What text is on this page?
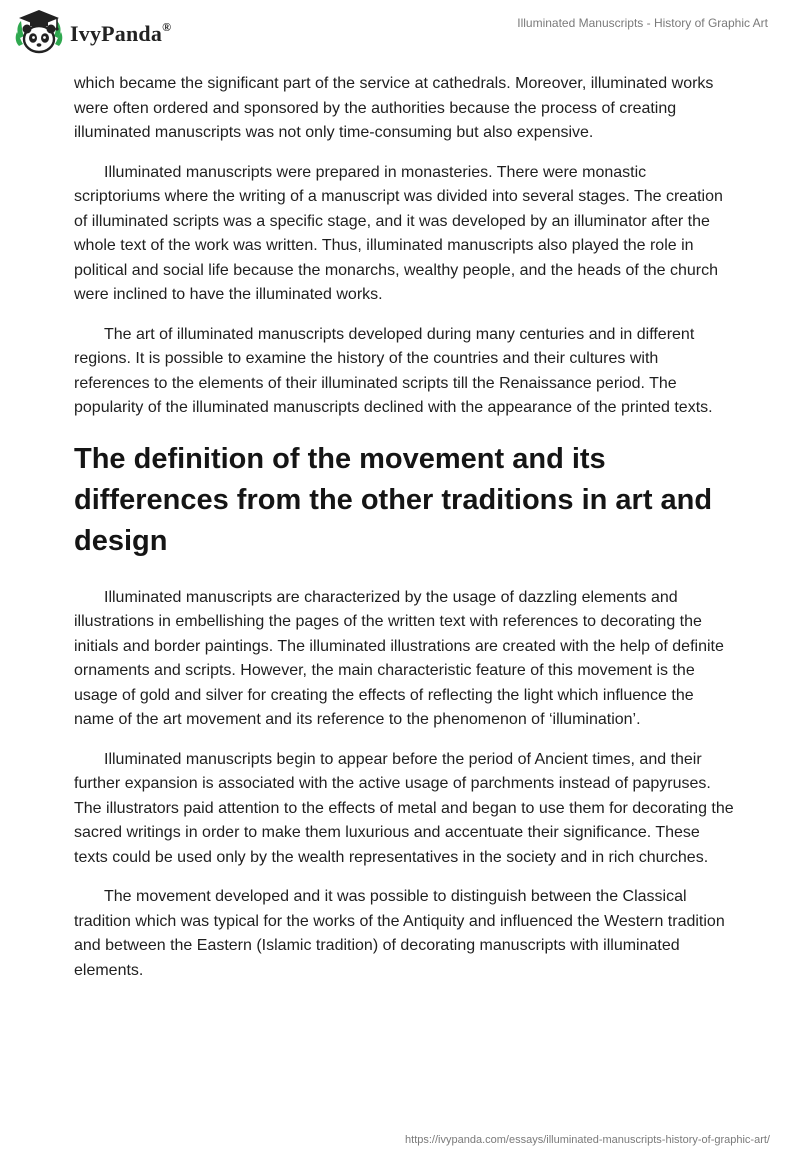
IvyPanda®	Illuminated Manuscripts - History of Graphic Art

which became the significant part of the service at cathedrals. Moreover, illuminated works were often ordered and sponsored by the authorities because the process of creating illuminated manuscripts was not only time-consuming but also expensive.

Illuminated manuscripts were prepared in monasteries. There were monastic scriptoriums where the writing of a manuscript was divided into several stages. The creation of illuminated scripts was a specific stage, and it was developed by an illuminator after the whole text of the work was written. Thus, illuminated manuscripts also played the role in political and social life because the monarchs, wealthy people, and the heads of the church were inclined to have the illuminated works.

The art of illuminated manuscripts developed during many centuries and in different regions. It is possible to examine the history of the countries and their cultures with references to the elements of their illuminated scripts till the Renaissance period. The popularity of the illuminated manuscripts declined with the appearance of the printed texts.

The definition of the movement and its differences from the other traditions in art and design

Illuminated manuscripts are characterized by the usage of dazzling elements and illustrations in embellishing the pages of the written text with references to decorating the initials and border paintings. The illuminated illustrations are created with the help of definite ornaments and scripts. However, the main characteristic feature of this movement is the usage of gold and silver for creating the effects of reflecting the light which influence the name of the art movement and its reference to the phenomenon of ‘illumination’.

Illuminated manuscripts begin to appear before the period of Ancient times, and their further expansion is associated with the active usage of parchments instead of papyruses. The illustrators paid attention to the effects of metal and began to use them for decorating the sacred writings in order to make them luxurious and accentuate their significance. These texts could be used only by the wealth representatives in the society and in rich churches.

The movement developed and it was possible to distinguish between the Classical tradition which was typical for the works of the Antiquity and influenced the Western tradition and between the Eastern (Islamic tradition) of decorating manuscripts with illuminated elements.

https://ivypanda.com/essays/illuminated-manuscripts-history-of-graphic-art/
